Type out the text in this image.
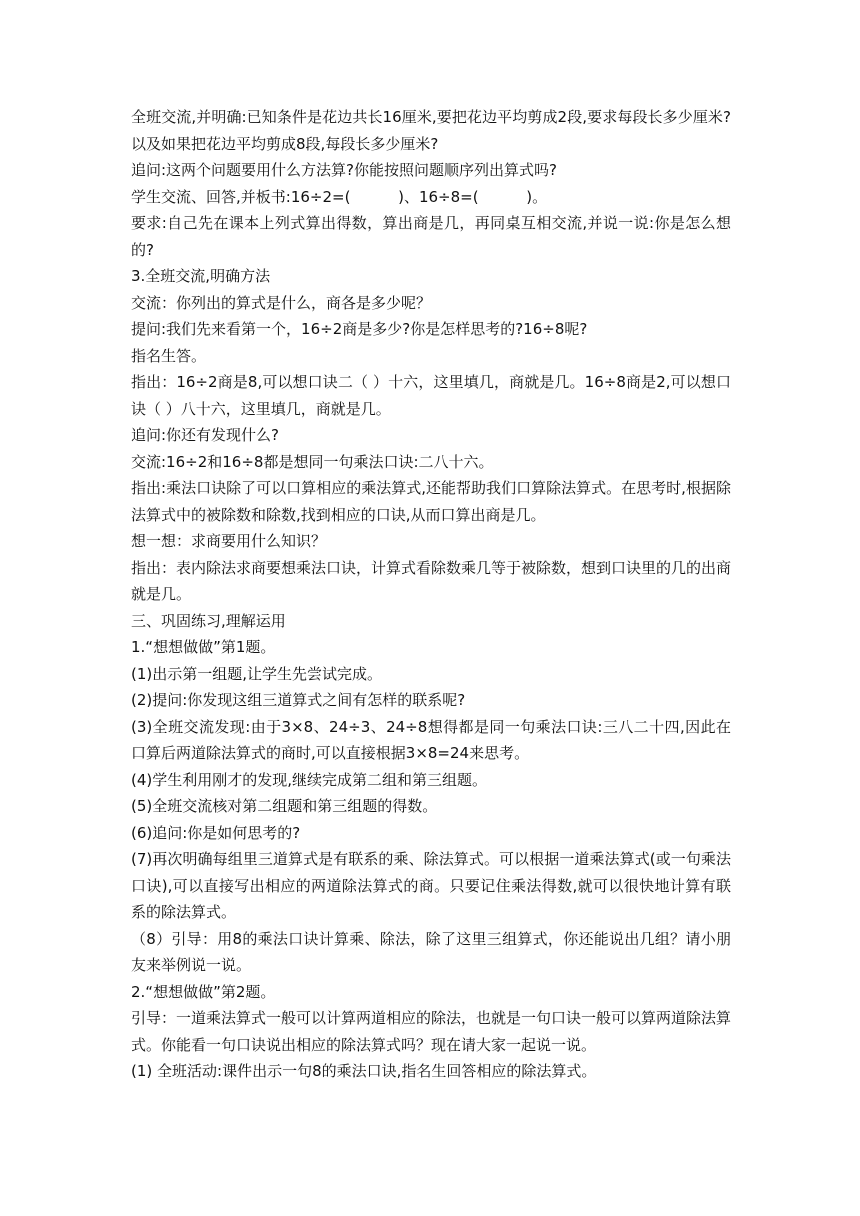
全班交流,并明确:已知条件是花边共长16厘米,要把花边平均剪成2段,要求每段长多少厘米?以及如果把花边平均剪成8段,每段长多少厘米?

追问:这两个问题要用什么方法算?你能按照问题顺序列出算式吗?

学生交流、回答,并板书:16÷2=(          )、16÷8=(          )。

要求:自己先在课本上列式算出得数，算出商是几，再同桌互相交流,并说一说:你是怎么想的?

3.全班交流,明确方法

交流：你列出的算式是什么，商各是多少呢？

提问:我们先来看第一个，16÷2商是多少?你是怎样思考的?16÷8呢?

指名生答。

指出：16÷2商是8,可以想口诀二（ ）十六，这里填几，商就是几。16÷8商是2,可以想口诀（ ）八十六，这里填几，商就是几。

追问:你还有发现什么?

交流:16÷2和16÷8都是想同一句乘法口诀:二八十六。

指出:乘法口诀除了可以口算相应的乘法算式,还能帮助我们口算除法算式。在思考时,根据除法算式中的被除数和除数,找到相应的口诀,从而口算出商是几。

想一想：求商要用什么知识？

指出：表内除法求商要想乘法口诀，计算式看除数乘几等于被除数，想到口诀里的几的出商就是几。

三、巩固练习,理解运用

1.“想想做做”第1题。

(1)出示第一组题,让学生先尝试完成。

(2)提问:你发现这组三道算式之间有怎样的联系呢?

(3)全班交流发现:由于3×8、24÷3、24÷8想得都是同一句乘法口诀:三八二十四,因此在口算后两道除法算式的商时,可以直接根据3×8=24来思考。

(4)学生利用刚才的发现,继续完成第二组和第三组题。

(5)全班交流核对第二组题和第三组题的得数。

(6)追问:你是如何思考的?

(7)再次明确每组里三道算式是有联系的乘、除法算式。可以根据一道乘法算式(或一句乘法口诀),可以直接写出相应的两道除法算式的商。只要记住乘法得数,就可以很快地计算有联系的除法算式。

（8）引导：用8的乘法口诀计算乘、除法，除了这里三组算式，你还能说出几组？请小朋友来举例说一说。

2.“想想做做”第2题。

引导：一道乘法算式一般可以计算两道相应的除法，也就是一句口诀一般可以算两道除法算式。你能看一句口诀说出相应的除法算式吗？现在请大家一起说一说。

(1) 全班活动:课件出示一句8的乘法口诀,指名生回答相应的除法算式。
